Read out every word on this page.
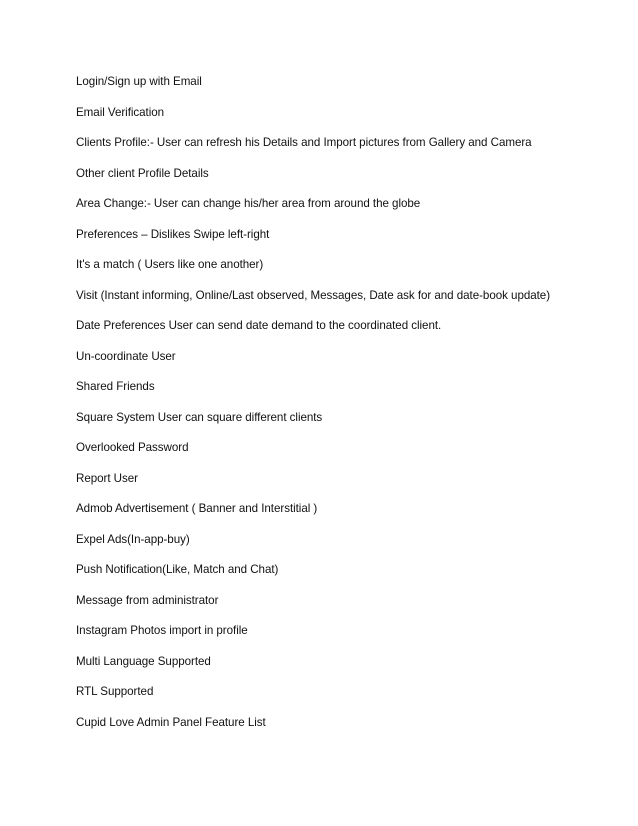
Login/Sign up with Email
Email Verification
Clients Profile:- User can refresh his Details and Import pictures from Gallery and Camera
Other client Profile Details
Area Change:- User can change his/her area from around the globe
Preferences – Dislikes Swipe left-right
It's a match ( Users like one another)
Visit (Instant informing, Online/Last observed, Messages, Date ask for and date-book update)
Date Preferences User can send date demand to the coordinated client.
Un-coordinate User
Shared Friends
Square System User can square different clients
Overlooked Password
Report User
Admob Advertisement ( Banner and Interstitial )
Expel Ads(In-app-buy)
Push Notification(Like, Match and Chat)
Message from administrator
Instagram Photos import in profile
Multi Language Supported
RTL Supported
Cupid Love Admin Panel Feature List
